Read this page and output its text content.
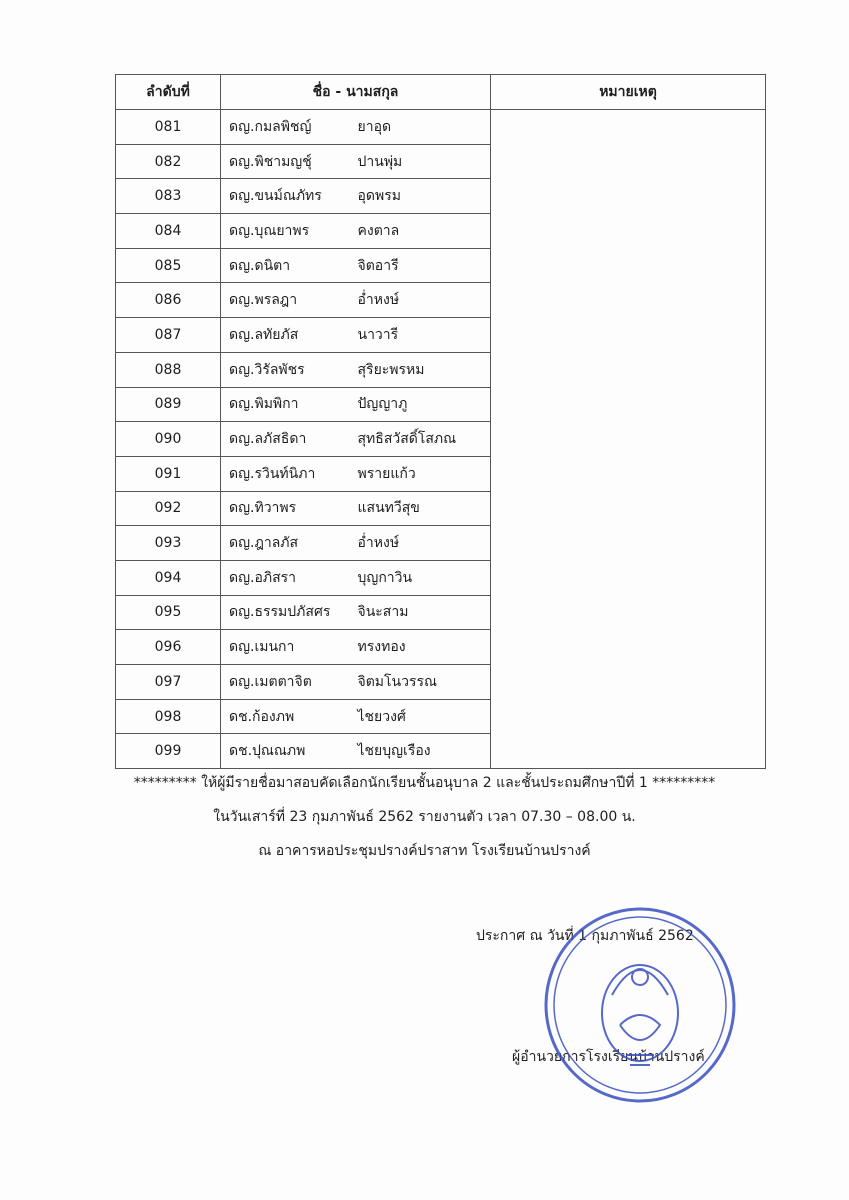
ลำดับที่	ชื่อ - นามสกุล		หมายเหตุ
081	ดญ.กมลพิชญ์	ยาอุด	
082	ดญ.พิชามญชุ์	ปานพุ่ม	
083	ดญ.ขนม์ณภัทร	อุดพรม	
084	ดญ.บุณยาพร	คงตาล	
085	ดญ.ดนิตา	จิตอารี	
086	ดญ.พรลฎา	อ่ำหงษ์	
087	ดญ.ลทัยภัส	นาวารี	
088	ดญ.วิรัลพัชร	สุริยะพรหม	
089	ดญ.พิมพิกา	ปัญญาภู	
090	ดญ.ลภัสธิดา	สุทธิสวัสดิ์โสภณ	
091	ดญ.รวินท์นิภา	พรายแก้ว	
092	ดญ.ทิวาพร	แสนทวีสุข	
093	ดญ.ฎาลภัส	อ่ำหงษ์	
094	ดญ.อภิสรา	บุญกาวิน	
095	ดญ.ธรรมปภัสศร	จินะสาม	
096	ดญ.เมนกา	ทรงทอง	
097	ดญ.เมตตาจิต	จิตมโนวรรณ	
098	ดช.ก้องภพ	ไชยวงศ์	
099	ดช.ปุณณภพ	ไชยบุญเรือง	
********* ให้ผู้มีรายชื่อมาสอบคัดเลือกนักเรียนชั้นอนุบาล 2 และชั้นประถมศึกษาปีที่ 1 *********
ในวันเสาร์ที่ 23 กุมภาพันธ์ 2562 รายงานตัว เวลา 07.30 – 08.00 น.
ณ อาคารหอประชุมปรางค์ปราสาท โรงเรียนบ้านปรางค์
ประกาศ ณ วันที่ 1 กุมภาพันธ์ 2562
ผู้อำนวยการโรงเรียนบ้านปรางค์
